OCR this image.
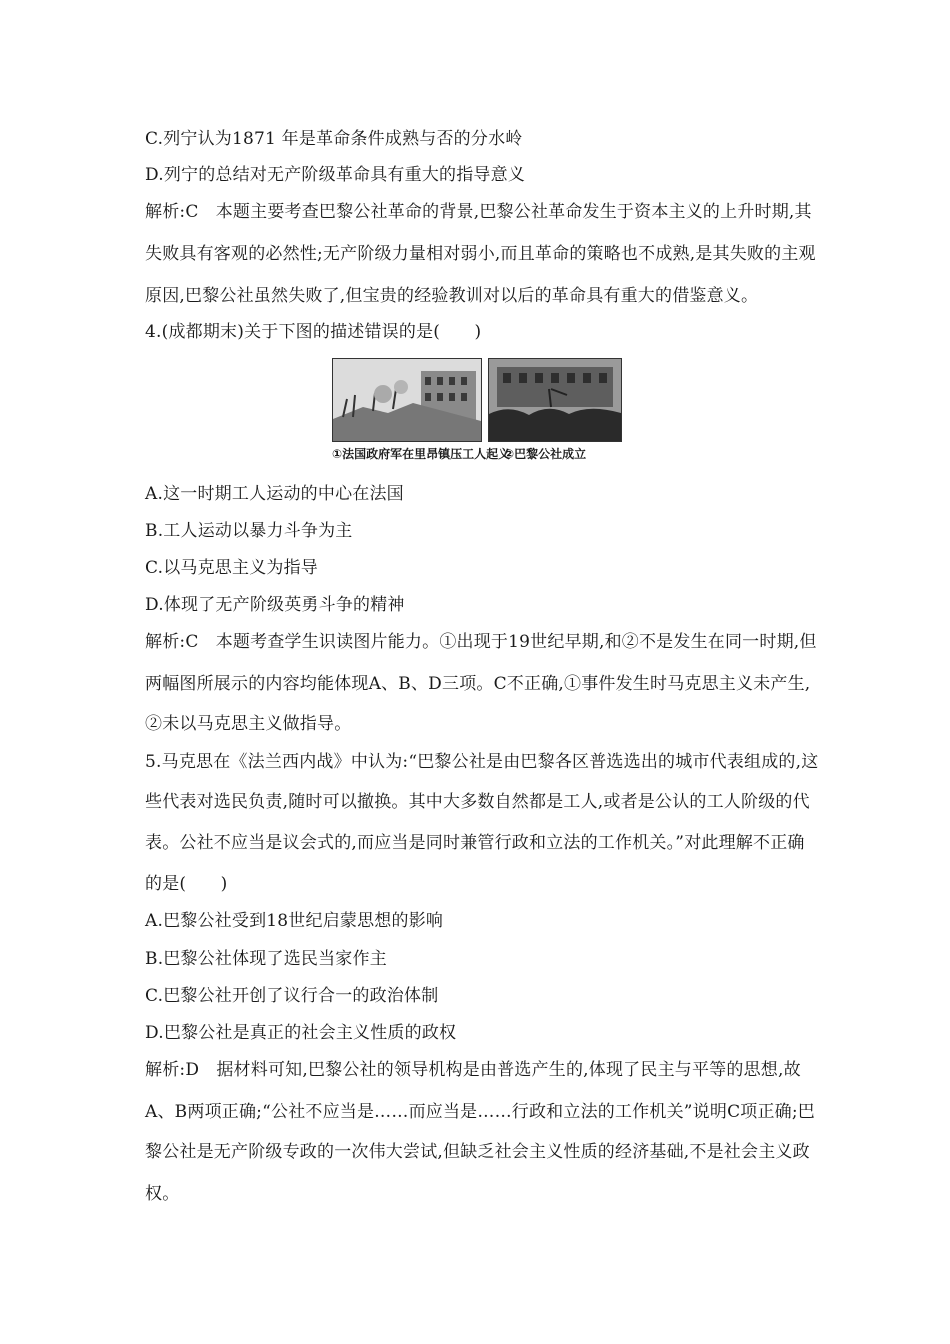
C.列宁认为1871 年是革命条件成熟与否的分水岭
D.列宁的总结对无产阶级革命具有重大的指导意义
解析:C　本题主要考查巴黎公社革命的背景,巴黎公社革命发生于资本主义的上升时期,其
失败具有客观的必然性;无产阶级力量相对弱小,而且革命的策略也不成熟,是其失败的主观
原因,巴黎公社虽然失败了,但宝贵的经验教训对以后的革命具有重大的借鉴意义。
4.(成都期末)关于下图的描述错误的是(　　)
①法国政府军在里昂镇压工人起义
②巴黎公社成立
A.这一时期工人运动的中心在法国
B.工人运动以暴力斗争为主
C.以马克思主义为指导
D.体现了无产阶级英勇斗争的精神
解析:C　本题考查学生识读图片能力。①出现于19世纪早期,和②不是发生在同一时期,但
两幅图所展示的内容均能体现A、B、D三项。C不正确,①事件发生时马克思主义未产生,
②未以马克思主义做指导。
5.马克思在《法兰西内战》中认为:“巴黎公社是由巴黎各区普选选出的城市代表组成的,这
些代表对选民负责,随时可以撤换。其中大多数自然都是工人,或者是公认的工人阶级的代
表。公社不应当是议会式的,而应当是同时兼管行政和立法的工作机关。”对此理解不正确
的是(　　)
A.巴黎公社受到18世纪启蒙思想的影响
B.巴黎公社体现了选民当家作主
C.巴黎公社开创了议行合一的政治体制
D.巴黎公社是真正的社会主义性质的政权
解析:D　据材料可知,巴黎公社的领导机构是由普选产生的,体现了民主与平等的思想,故
A、B两项正确;“公社不应当是……而应当是……行政和立法的工作机关”说明C项正确;巴
黎公社是无产阶级专政的一次伟大尝试,但缺乏社会主义性质的经济基础,不是社会主义政
权。
